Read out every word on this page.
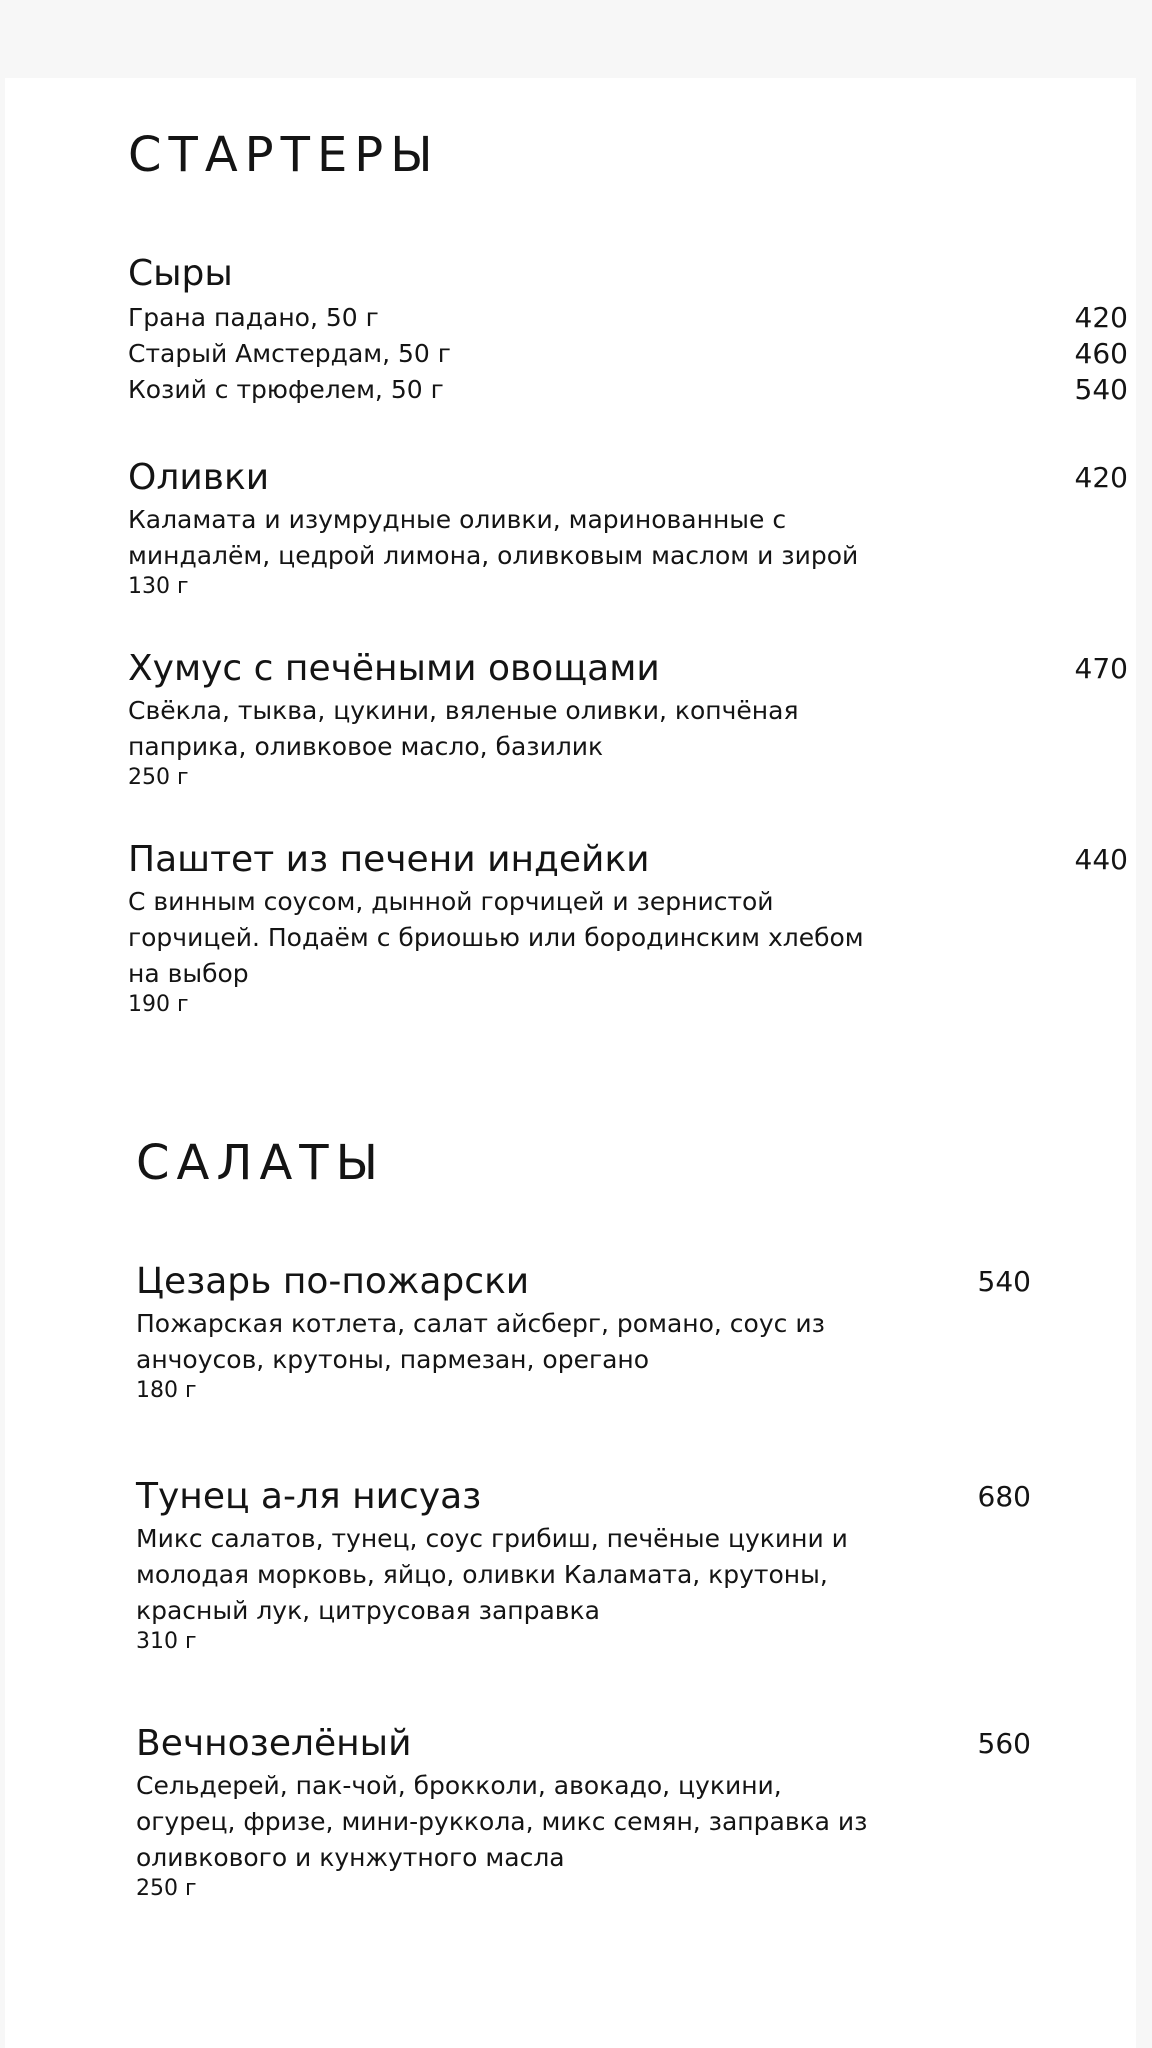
СТАРТЕРЫ
Сыры
Грана падано, 50 г	420
Старый Амстердам, 50 г	460
Козий с трюфелем, 50 г	540
Оливки	420
Каламата и изумрудные оливки, маринованные с
миндалём, цедрой лимона, оливковым маслом и зирой
130 г
Хумус с печёными овощами	470
Свёкла, тыква, цукини, вяленые оливки, копчёная
паприка, оливковое масло, базилик
250 г
Паштет из печени индейки	440
С винным соусом, дынной горчицей и зернистой
горчицей. Подаём с бриошью или бородинским хлебом
на выбор
190 г
САЛАТЫ
Цезарь по-пожарски	540
Пожарская котлета, салат айсберг, романо, соус из
анчоусов, крутоны, пармезан, орегано
180 г
Тунец а-ля нисуаз	680
Микс салатов, тунец, соус грибиш, печёные цукини и
молодая морковь, яйцо, оливки Каламата, крутоны,
красный лук, цитрусовая заправка
310 г
Вечнозелёный	560
Сельдерей, пак-чой, брокколи, авокадо, цукини,
огурец, фризе, мини-руккола, микс семян, заправка из
оливкового и кунжутного масла
250 г
